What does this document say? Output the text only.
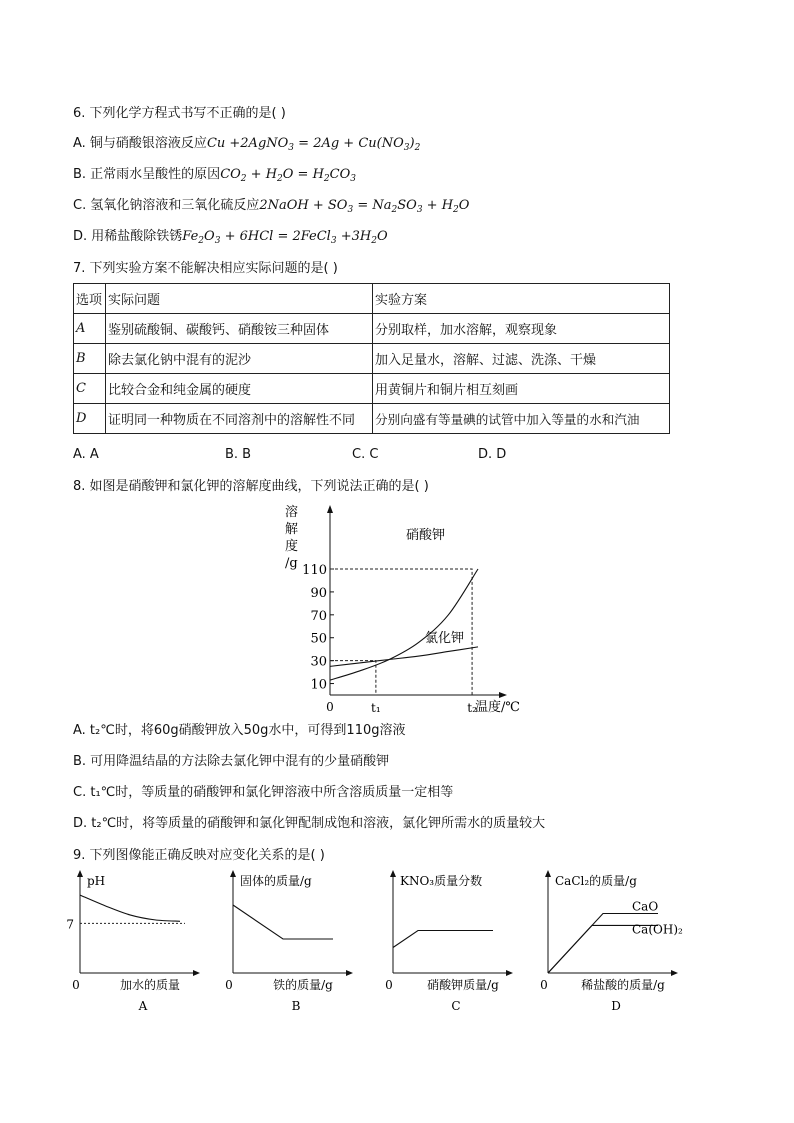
6. 下列化学方程式书写不正确的是( )
A. 铜与硝酸银溶液反应Cu +2AgNO$_3$ = $2Ag + Cu(NO_3)_2$
B. 正常雨水呈酸性的原因$CO_2 + H_2O = H_2CO_3$
C. 氢氧化钠溶液和三氧化硫反应2NaOH + $SO_3 = Na_2SO_3 + H_2O$
D. 用稀盐酸除铁锈$Fe_2O_3 + 6HCl$ = 2FeCl$_3$ $+3H_2O$
7. 下列实验方案不能解决相应实际问题的是( )
选项	实际问题	实验方案
A	鉴别硫酸铜、碳酸钙、硝酸铵三种固体	分别取样，加水溶解，观察现象
B	除去氯化钠中混有的泥沙	加入足量水，溶解、过滤、洗涤、干燥
C	比较合金和纯金属的硬度	用黄铜片和铜片相互刻画
D	证明同一种物质在不同溶剂中的溶解性不同	分别向盛有等量碘的试管中加入等量的水和汽油
A. A	B. B	C. C	D. D
8. 如图是硝酸钾和氯化钾的溶解度曲线，下列说法正确的是( )
溶
解
度
/g
10
30
50
70
90
110
0	t₁	t₂
温度/℃
硝酸钾
氯化钾
A. t₂℃时，将60g硝酸钾放入50g水中，可得到110g溶液
B. 可用降温结晶的方法除去氯化钾中混有的少量硝酸钾
C. t₁℃时，等质量的硝酸钾和氯化钾溶液中所含溶质质量一定相等
D. t₂℃时，将等质量的硝酸钾和氯化钾配制成饱和溶液，氯化钾所需水的质量较大
9. 下列图像能正确反映对应变化关系的是( )
pH
0	加水的质量
A
7
固体的质量/g
0	铁的质量/g
B
KNO₃质量分数
0	硝酸钾质量/g
C
CaCl₂的质量/g
0	稀盐酸的质量/g
D
CaO
Ca(OH)₂
